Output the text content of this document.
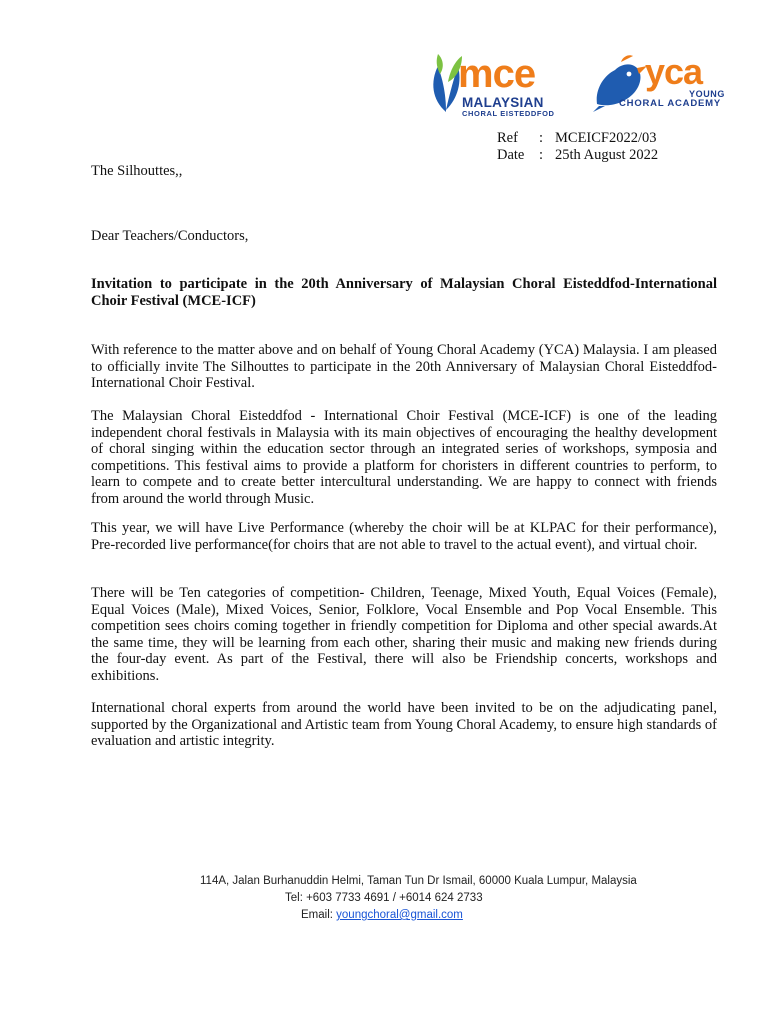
mce
MALAYSIAN
CHORAL EISTEDDFOD
yca
YOUNG
CHORAL ACADEMY
Ref	: MCEICF2022/03
Date	: 25th August 2022
The Silhouttes,,
Dear Teachers/Conductors,
Invitation to participate in the 20th Anniversary of Malaysian Choral Eisteddfod-International Choir Festival (MCE-ICF)
With reference to the matter above and on behalf of Young Choral Academy (YCA) Malaysia. I am pleased to officially invite The Silhouttes to participate in the 20th Anniversary of Malaysian Choral Eisteddfod-International Choir Festival.
The Malaysian Choral Eisteddfod - International Choir Festival (MCE-ICF) is one of the leading independent choral festivals in Malaysia with its main objectives of encouraging the healthy development of choral singing within the education sector through an integrated series of workshops, symposia and competitions. This festival aims to provide a platform for choristers in different countries to perform, to learn to compete and to create better intercultural understanding. We are happy to connect with friends from around the world through Music.
This year, we will have Live Performance (whereby the choir will be at KLPAC for their performance), Pre-recorded live performance(for choirs that are not able to travel to the actual event), and virtual choir.
There will be Ten categories of competition- Children, Teenage, Mixed Youth, Equal Voices (Female), Equal Voices (Male), Mixed Voices, Senior, Folklore, Vocal Ensemble and Pop Vocal Ensemble. This competition sees choirs coming together in friendly competition for Diploma and other special awards.At the same time, they will be learning from each other, sharing their music and making new friends during the four-day event. As part of the Festival, there will also be Friendship concerts, workshops and exhibitions.
International choral experts from around the world have been invited to be on the adjudicating panel, supported by the Organizational and Artistic team from Young Choral Academy, to ensure high standards of evaluation and artistic integrity.
114A, Jalan Burhanuddin Helmi, Taman Tun Dr Ismail, 60000 Kuala Lumpur, Malaysia
Tel: +603 7733 4691 / +6014 624 2733
Email: youngchoral@gmail.com
